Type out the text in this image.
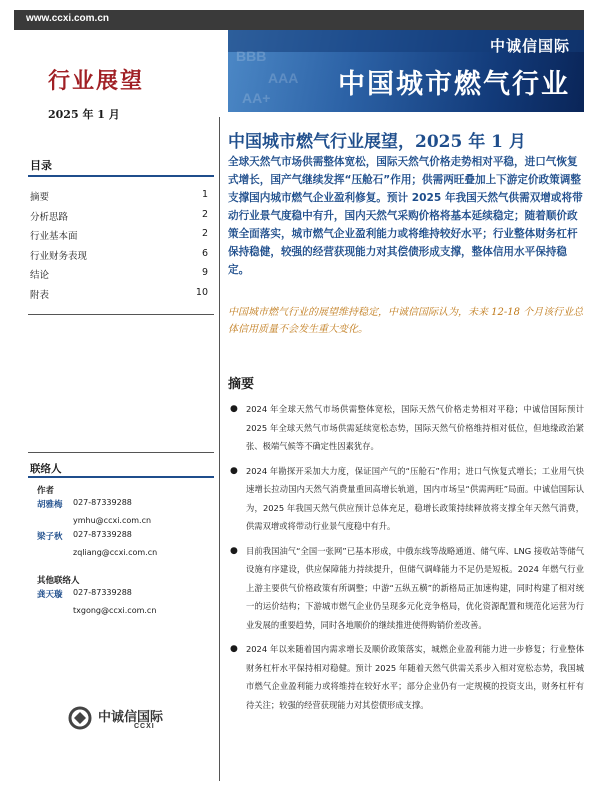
www.ccxi.com.cn
BBB
AAA
AA+
中诚信国际
中国城市燃气行业
行业展望
2025 年 1 月
中国城市燃气行业展望，2025 年 1 月
目录
摘要	1
分析思路	2
行业基本面	2
行业财务表现	6
结论	9
附表	10
全球天然气市场供需整体宽松，国际天然气价格走势相对平稳，进口气恢复式增长，国产气继续发挥“压舱石”作用；供需两旺叠加上下游定价政策调整支撑国内城市燃气企业盈利修复。预计 2025 年我国天然气供需双增或将带动行业景气度稳中有升，国内天然气采购价格将基本延续稳定；随着顺价政策全面落实，城市燃气企业盈利能力或将维持较好水平；行业整体财务杠杆保持稳健，较强的经营获现能力对其偿债形成支撑，整体信用水平保持稳定。
中国城市燃气行业的展望维持稳定，中诚信国际认为，未来 12-18 个月该行业总体信用质量不会发生重大变化。
摘要
● 2024 年全球天然气市场供需整体宽松，国际天然气价格走势相对平稳；中诚信国际预计 2025 年全球天然气市场供需延续宽松态势，国际天然气价格维持相对低位，但地缘政治紧张、极端气候等不确定性因素犹存。
● 2024 年勘探开采加大力度，保证国产气的“压舱石”作用；进口气恢复式增长；工业用气快速增长拉动国内天然气消费量重回高增长轨道，国内市场呈“供需两旺”局面。中诚信国际认为，2025 年我国天然气供应预计总体充足，稳增长政策持续释放将支撑全年天然气消费，供需双增或将带动行业景气度稳中有升。
● 目前我国油气“全国一张网”已基本形成，中俄东线等战略通道、储气库、LNG 接收站等储气设施有序建设，供应保障能力持续提升，但储气调峰能力不足仍是短板。2024 年燃气行业上游主要供气价格政策有所调整；中游“五纵五横”的新格局正加速构建，同时构建了相对统一的运价结构；下游城市燃气企业仍呈现多元化竞争格局，优化资源配置和规范化运营为行业发展的重要趋势，同时各地顺价的继续推进使得购销价差改善。
● 2024 年以来随着国内需求增长及顺价政策落实，城燃企业盈利能力进一步修复；行业整体财务杠杆水平保持相对稳健。预计 2025 年随着天然气供需关系步入相对宽松态势，我国城市燃气企业盈利能力或将维持在较好水平；部分企业仍有一定规模的投资支出，财务杠杆有待关注；较强的经营获现能力对其偿债形成支撑。
联络人
作者
胡雅梅 027-87339288
ymhu@ccxi.com.cn
梁子秋 027-87339288
zqliang@ccxi.com.cn
其他联络人
龚天璇 027-87339288
txgong@ccxi.com.cn
中诚信国际
CCXI
